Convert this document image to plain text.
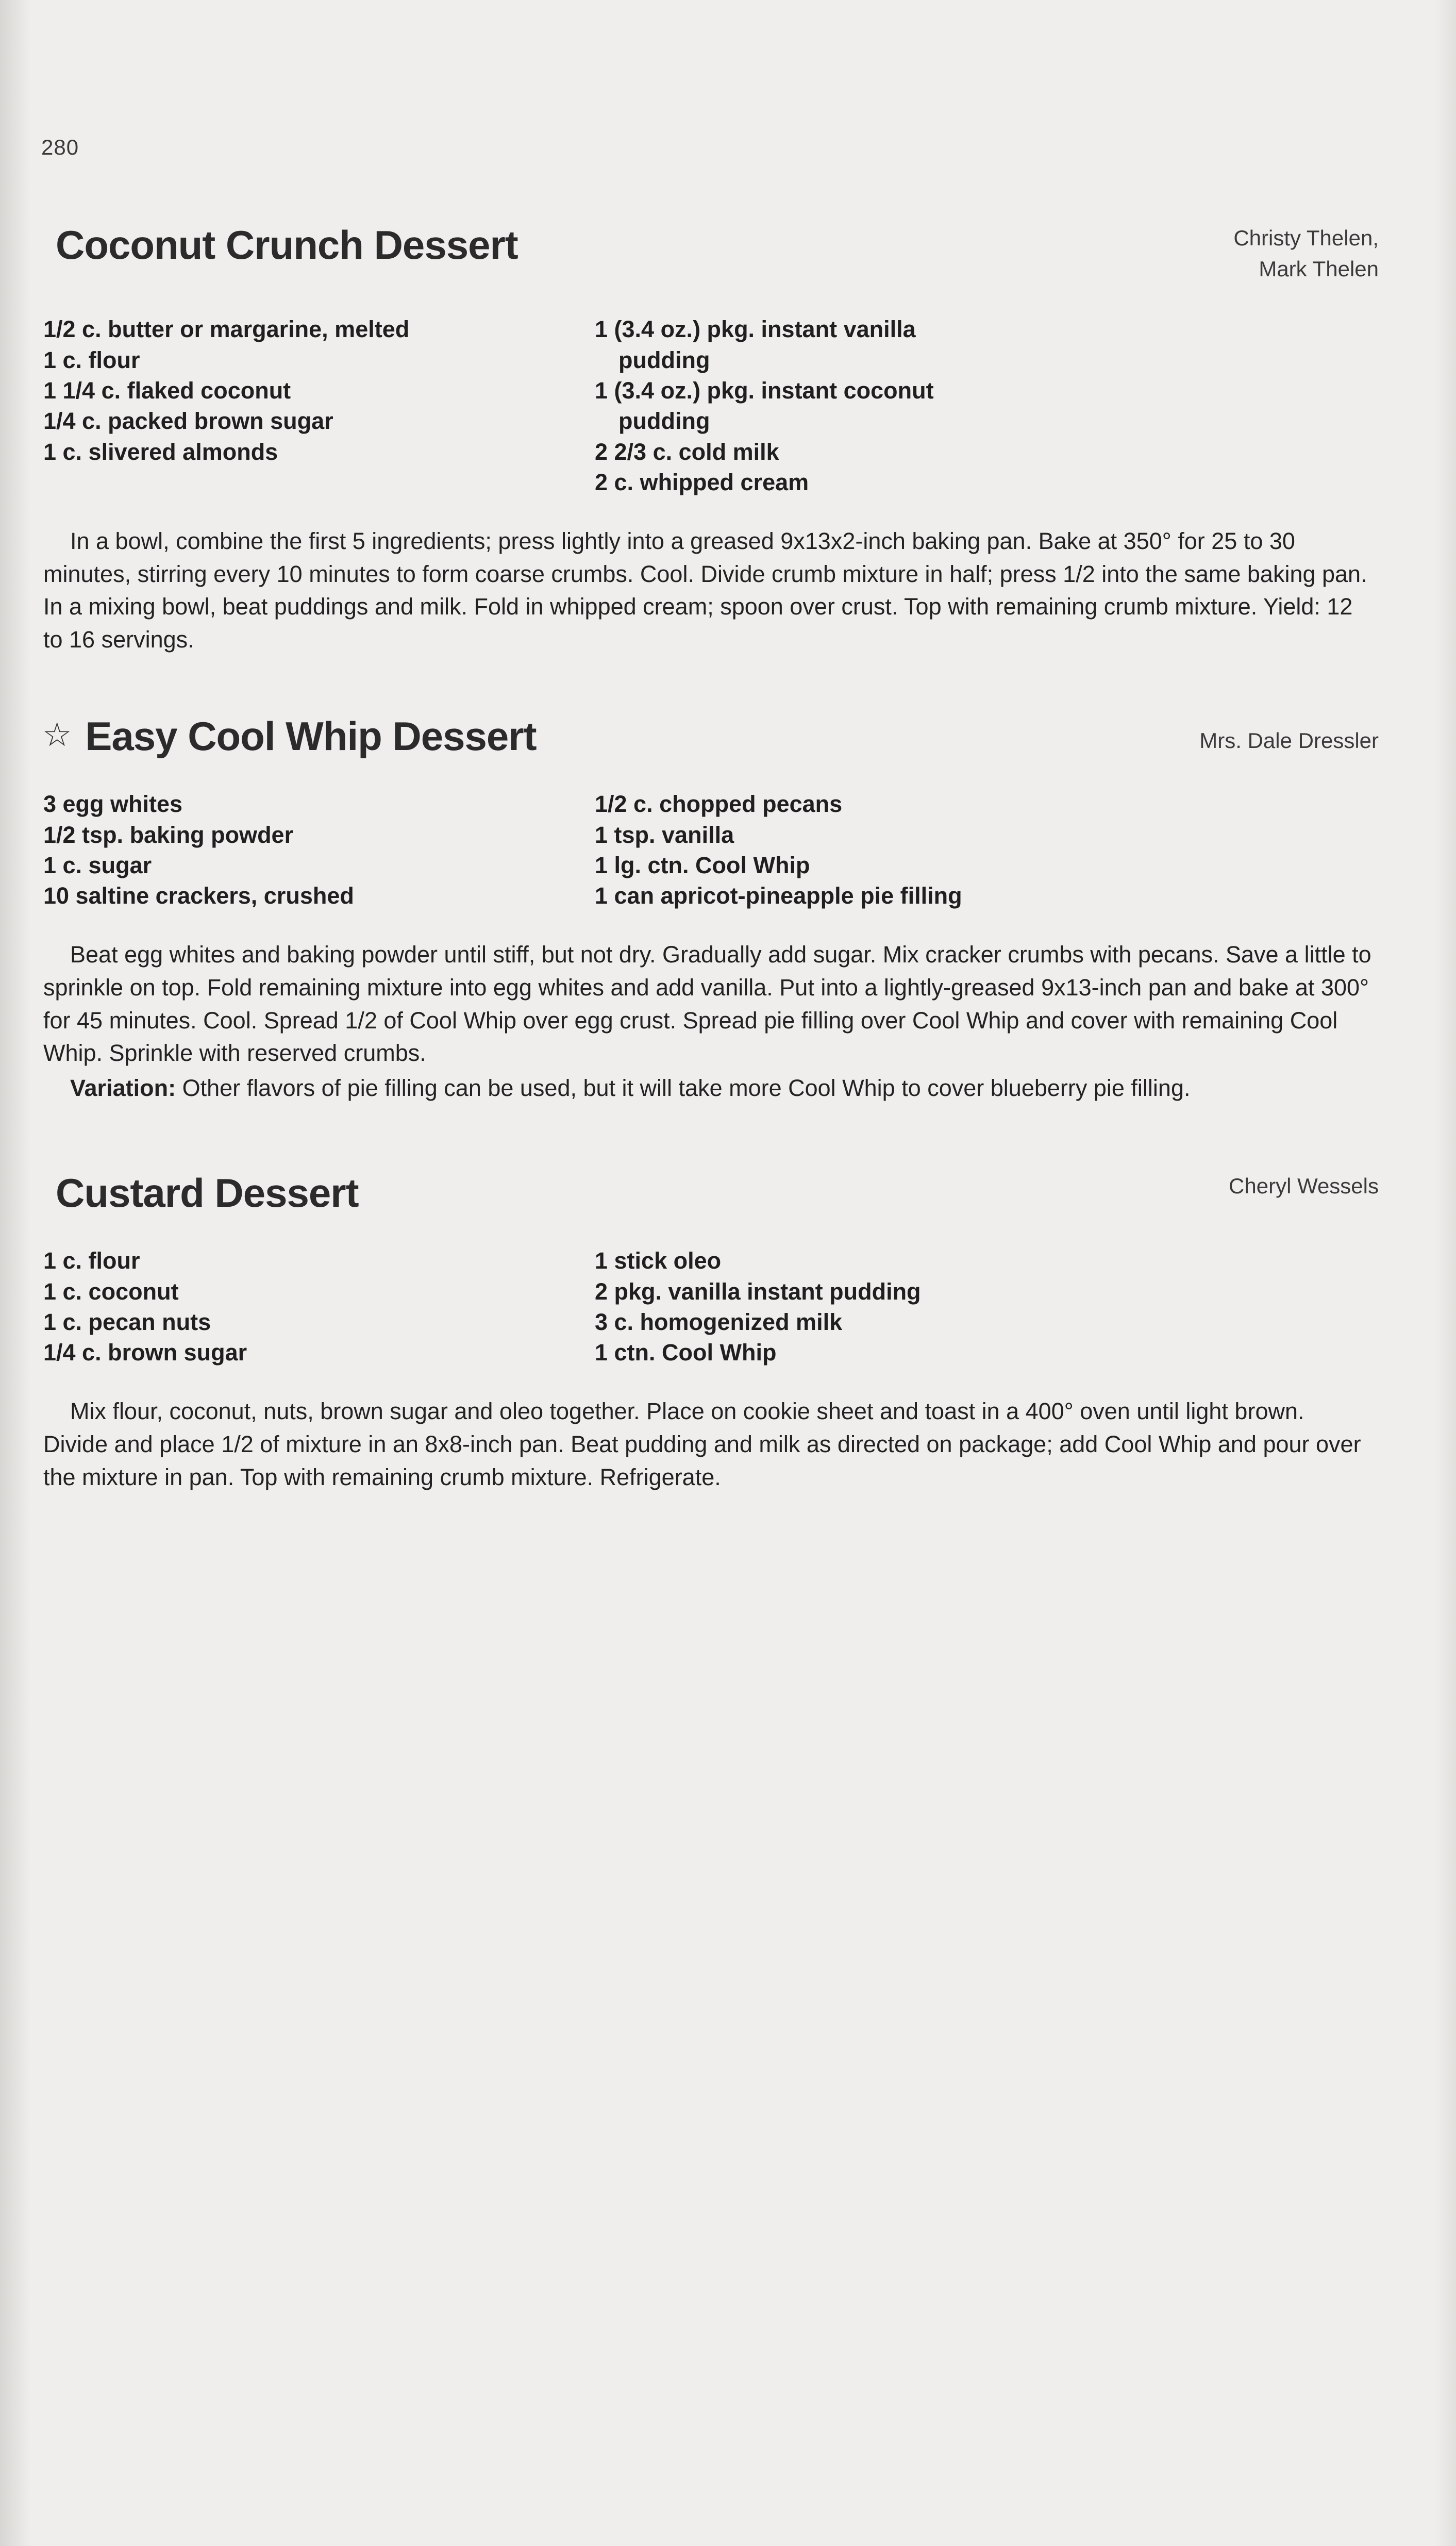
280
Coconut Crunch Dessert	Christy Thelen,
Mark Thelen
1/2 c. butter or margarine, melted
1 c. flour
1 1/4 c. flaked coconut
1/4 c. packed brown sugar
1 c. slivered almonds
1 (3.4 oz.) pkg. instant vanilla
pudding
1 (3.4 oz.) pkg. instant coconut
pudding
2 2/3 c. cold milk
2 c. whipped cream

In a bowl, combine the first 5 ingredients; press lightly into a greased 9x13x2-inch baking pan. Bake at 350° for 25 to 30 minutes, stirring every 10 minutes to form coarse crumbs. Cool. Divide crumb mixture in half; press 1/2 into the same baking pan. In a mixing bowl, beat puddings and milk. Fold in whipped cream; spoon over crust. Top with remaining crumb mixture. Yield: 12 to 16 servings.

☆ Easy Cool Whip Dessert	Mrs. Dale Dressler
3 egg whites
1/2 tsp. baking powder
1 c. sugar
10 saltine crackers, crushed
1/2 c. chopped pecans
1 tsp. vanilla
1 lg. ctn. Cool Whip
1 can apricot-pineapple pie filling

Beat egg whites and baking powder until stiff, but not dry. Gradually add sugar. Mix cracker crumbs with pecans. Save a little to sprinkle on top. Fold remaining mixture into egg whites and add vanilla. Put into a lightly-greased 9x13-inch pan and bake at 300° for 45 minutes. Cool. Spread 1/2 of Cool Whip over egg crust. Spread pie filling over Cool Whip and cover with remaining Cool Whip. Sprinkle with reserved crumbs.

Variation: Other flavors of pie filling can be used, but it will take more Cool Whip to cover blueberry pie filling.

Custard Dessert	Cheryl Wessels
1 c. flour
1 c. coconut
1 c. pecan nuts
1/4 c. brown sugar
1 stick oleo
2 pkg. vanilla instant pudding
3 c. homogenized milk
1 ctn. Cool Whip

Mix flour, coconut, nuts, brown sugar and oleo together. Place on cookie sheet and toast in a 400° oven until light brown. Divide and place 1/2 of mixture in an 8x8-inch pan. Beat pudding and milk as directed on package; add Cool Whip and pour over the mixture in pan. Top with remaining crumb mixture. Refrigerate.
